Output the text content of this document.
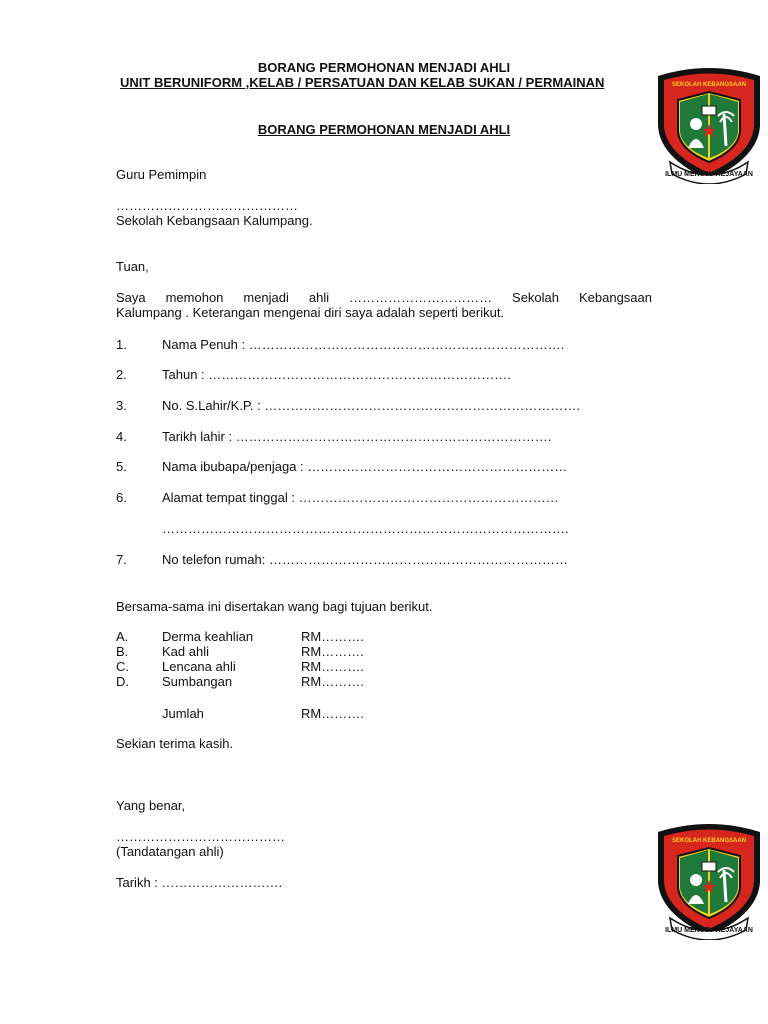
BORANG PERMOHONAN MENJADI AHLI
UNIT BERUNIFORM ,KELAB / PERSATUAN DAN KELAB SUKAN / PERMAINAN
BORANG PERMOHONAN MENJADI AHLI
ILMU MENUJU KEJAYAAN
SEKOLAH KEBANGSAAN
Guru Pemimpin
……………………………………
Sekolah Kebangsaan Kalumpang.
Tuan,
Saya memohon menjadi ahli …………………………… Sekolah Kebangsaan
Kalumpang . Keterangan mengenai diri saya adalah seperti berikut.
1.	Nama Penuh : ……………………………………………………………….
2.	Tahun : …………………………………………………………….
3.	No. S.Lahir/K.P. : ……………………………………………………………….
4.	Tarikh lahir : ……………………………………………………………….
5.	Nama ibubapa/penjaga : ……………………………………………………
6.	Alamat tempat tinggal : ……………………………………………………
………………………………………………………………………………….
7.	No telefon rumah: ……………………………………………………………
Bersama-sama ini disertakan wang bagi tujuan berikut.
A.	Derma keahlian	RM……….
B.	Kad ahli	RM……….
C.	Lencana ahli	RM……….
D.	Sumbangan	RM……….
Jumlah	RM……….
Sekian terima kasih.
Yang benar,
…………………………………
(Tandatangan ahli)
Tarikh : ……………………….
ILMU MENUJU KEJAYAAN
SEKOLAH KEBANGSAAN
